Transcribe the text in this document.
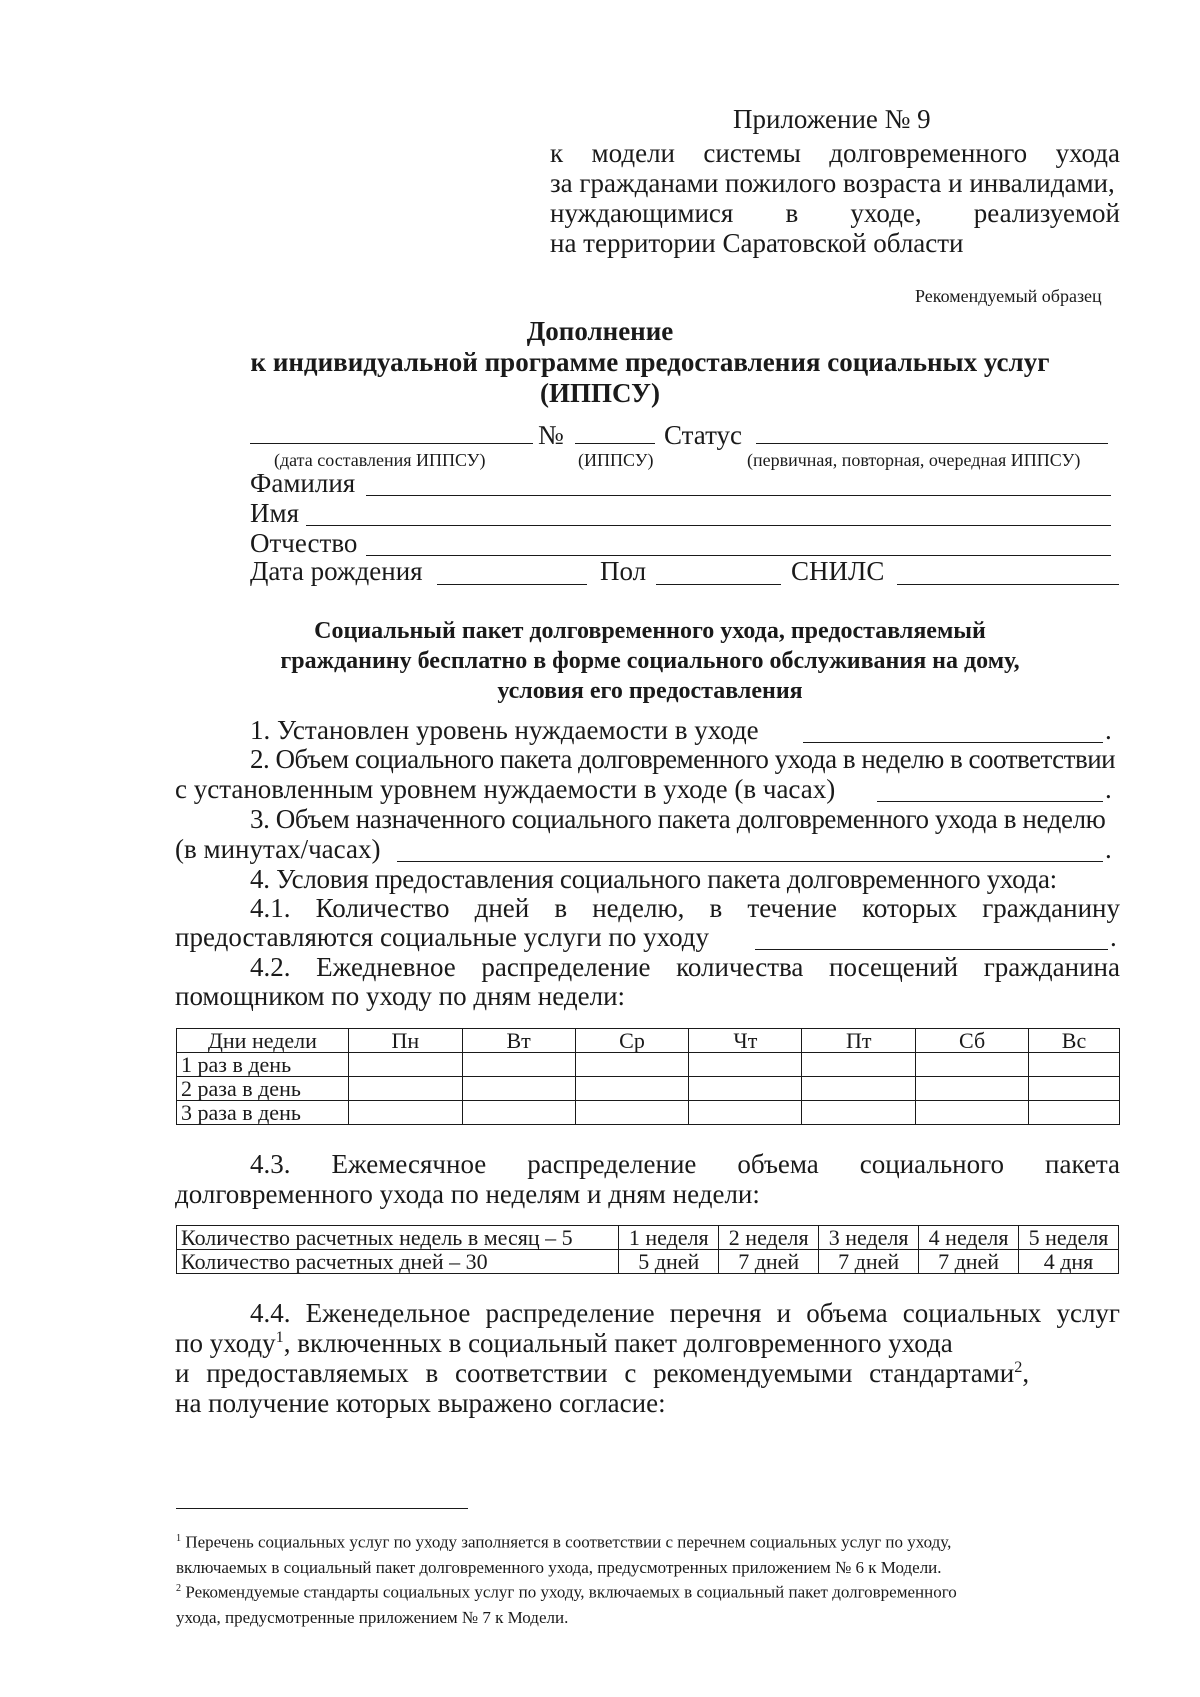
Приложение № 9
к модели системы долговременного ухода
за гражданами пожилого возраста и инвалидами,
нуждающимися в уходе, реализуемой
на территории Саратовской области
Рекомендуемый образец
Дополнение
к индивидуальной программе предоставления социальных услуг
(ИППСУ)
№	Статус
(дата составления ИППСУ)	(ИППСУ)	(первичная, повторная, очередная ИППСУ)
Фамилия
Имя
Отчество
Дата рождения	Пол	СНИЛС
Социальный пакет долговременного ухода, предоставляемый
гражданину бесплатно в форме социального обслуживания на дому,
условия его предоставления
1. Установлен уровень нуждаемости в уходе	.
2. Объем социального пакета долговременного ухода в неделю в соответствии
с установленным уровнем нуждаемости в уходе (в часах)	.
3. Объем назначенного социального пакета долговременного ухода в неделю
(в минутах/часах)	.
4. Условия предоставления социального пакета долговременного ухода:
4.1. Количество дней в неделю, в течение которых гражданину
предоставляются социальные услуги по уходу	.
4.2. Ежедневное распределение количества посещений гражданина
помощником по уходу по дням недели:
Дни недели	Пн	Вт	Ср	Чт	Пт	Сб	Вс
1 раз в день							
2 раза в день							
3 раза в день							
4.3. Ежемесячное распределение объема социального пакета
долговременного ухода по неделям и дням недели:
Количество расчетных недель в месяц – 5	1 неделя	2 неделя	3 неделя	4 неделя	5 неделя
Количество расчетных дней – 30	5 дней	7 дней	7 дней	7 дней	4 дня
4.4. Еженедельное распределение перечня и объема социальных услуг
по уходу$^1$, включенных в социальный пакет долговременного ухода
и предоставляемых в соответствии с рекомендуемыми стандартами$^2$,
на получение которых выражено согласие:
$^1$ Перечень социальных услуг по уходу заполняется в соответствии с перечнем социальных услуг по уходу,
включаемых в социальный пакет долговременного ухода, предусмотренных приложением № 6 к Модели.
$^2$ Рекомендуемые стандарты социальных услуг по уходу, включаемых в социальный пакет долговременного
ухода, предусмотренные приложением № 7 к Модели.
